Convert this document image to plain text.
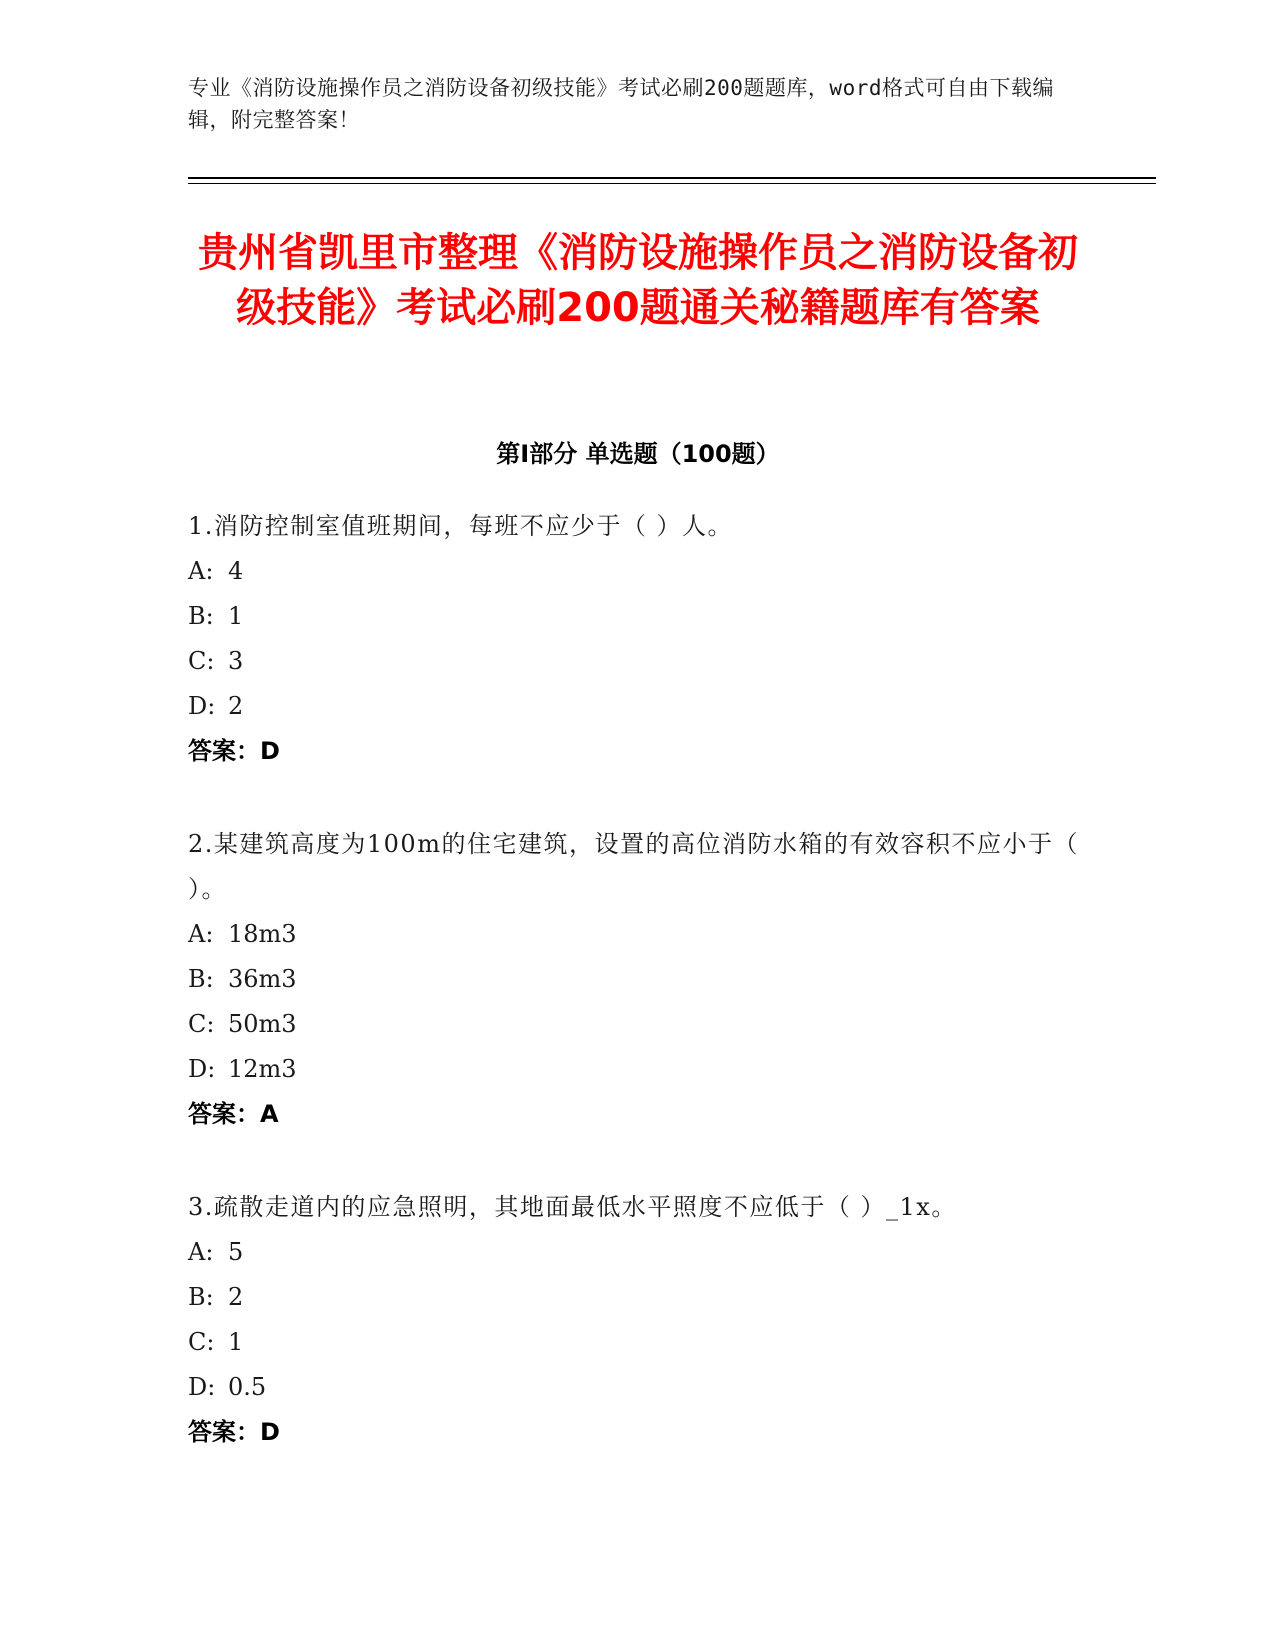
专业《消防设施操作员之消防设备初级技能》考试必刷200题题库，word格式可自由下载编辑，附完整答案！
贵州省凯里市整理《消防设施操作员之消防设备初级技能》考试必刷200题通关秘籍题库有答案
第I部分 单选题（100题）
1.消防控制室值班期间，每班不应少于（ ）人。
A: 4
B: 1
C: 3
D: 2
答案：D
2.某建筑高度为100m的住宅建筑，设置的高位消防水箱的有效容积不应小于（ ）。
A: 18m3
B: 36m3
C: 50m3
D: 12m3
答案：A
3.疏散走道内的应急照明，其地面最低水平照度不应低于（ ）_1x。
A: 5
B: 2
C: 1
D: 0.5
答案：D
